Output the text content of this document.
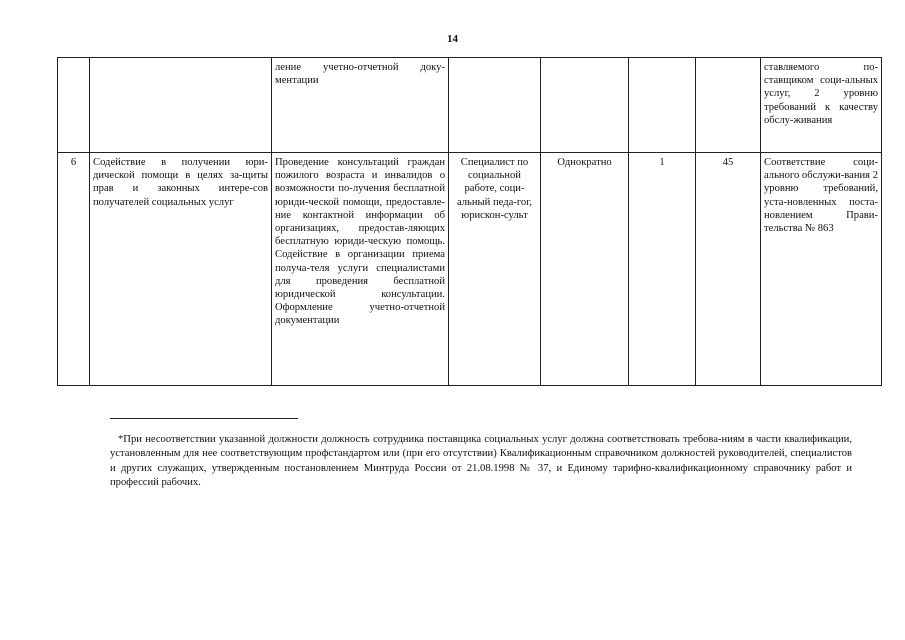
14
		ление учетно-отчетной доку-ментации					ставляемого по-ставщиком соци-альных услуг, 2 уровню требований к качеству обслу-живания
6	Содействие в получении юри-дической помощи в целях за-щиты прав и законных интере-сов получателей социальных услуг	Проведение консультаций граждан пожилого возраста и инвалидов о возможности по-лучения бесплатной юриди-ческой помощи, предоставле-ние контактной информации об организациях, предостав-ляющих бесплатную юриди-ческую помощь. Содействие в организации приема получа-теля услуги специалистами для проведения бесплатной юридической консультации. Оформление учетно-отчетной документации	Специалист по социальной работе, соци-альный педа-гог, юрискон-сульт	Однократно	1	45	Соответствие соци-ального обслужи-вания 2 уровню требований, уста-новленных поста-новлением Прави-тельства № 863
*При несоответствии указанной должности должность сотрудника поставщика социальных услуг должна соответствовать требова-ниям в части квалификации, установленным для нее соответствующим профстандартом или (при его отсутствии) Квалификационным справочником должностей руководителей, специалистов и других служащих, утвержденным постановлением Минтруда России от 21.08.1998 № 37, и Единому тарифно-квалификационному справочнику работ и профессий рабочих.
